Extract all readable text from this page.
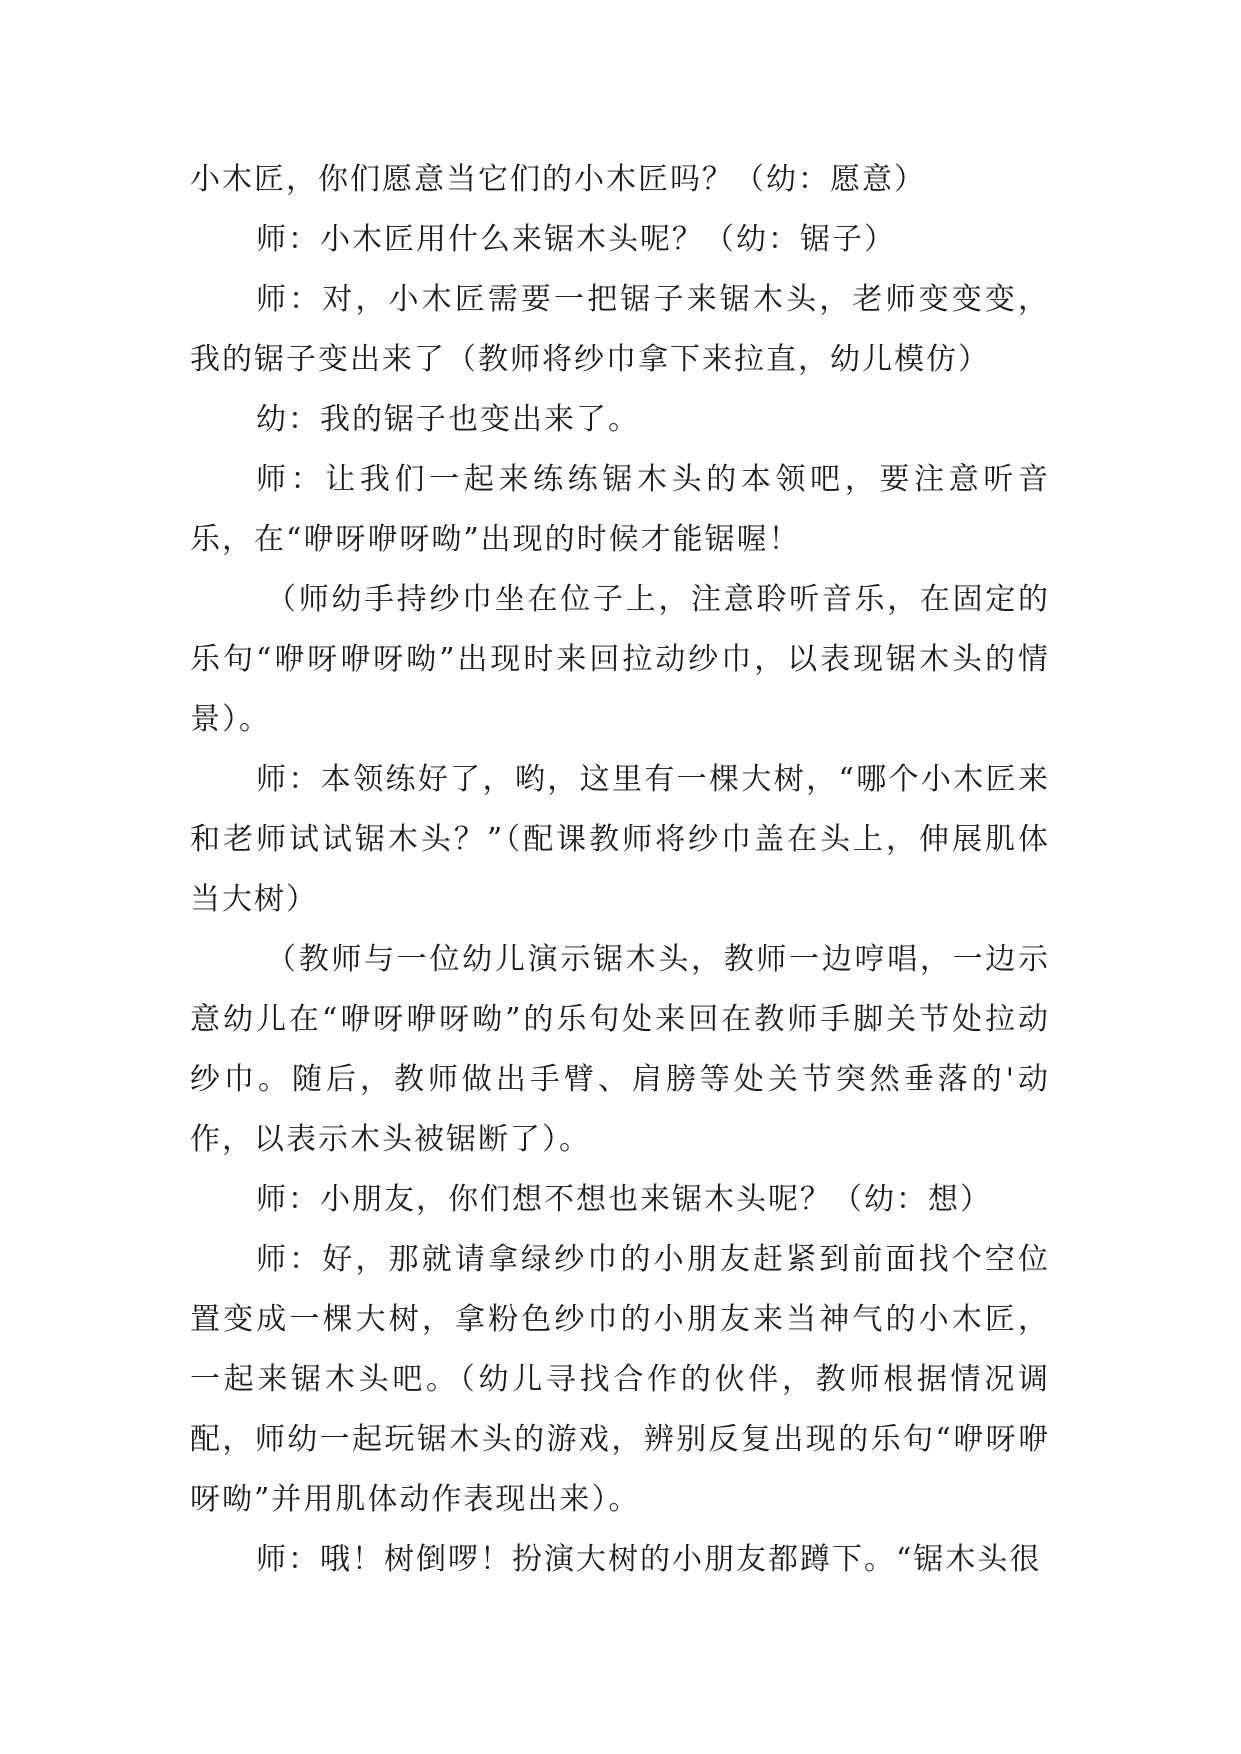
小木匠，你们愿意当它们的小木匠吗？（幼：愿意）

师：小木匠用什么来锯木头呢？（幼：锯子）

师：对，小木匠需要一把锯子来锯木头，老师变变变，我的锯子变出来了（教师将纱巾拿下来拉直，幼儿模仿）

幼：我的锯子也变出来了。

师：让我们一起来练练锯木头的本领吧，要注意听音乐，在“咿呀咿呀呦”出现的时候才能锯喔！

（师幼手持纱巾坐在位子上，注意聆听音乐，在固定的乐句“咿呀咿呀呦”出现时来回拉动纱巾，以表现锯木头的情景）。

师：本领练好了，哟，这里有一棵大树，“哪个小木匠来和老师试试锯木头？”（配课教师将纱巾盖在头上，伸展肌体当大树）

（教师与一位幼儿演示锯木头，教师一边哼唱，一边示意幼儿在“咿呀咿呀呦”的乐句处来回在教师手脚关节处拉动纱巾。随后，教师做出手臂、肩膀等处关节突然垂落的'动作，以表示木头被锯断了）。

师：小朋友，你们想不想也来锯木头呢？（幼：想）

师：好，那就请拿绿纱巾的小朋友赶紧到前面找个空位置变成一棵大树，拿粉色纱巾的小朋友来当神气的小木匠，一起来锯木头吧。（幼儿寻找合作的伙伴，教师根据情况调配，师幼一起玩锯木头的游戏，辨别反复出现的乐句“咿呀咿呀呦”并用肌体动作表现出来）。

师：哦！树倒啰！扮演大树的小朋友都蹲下。“锯木头很
